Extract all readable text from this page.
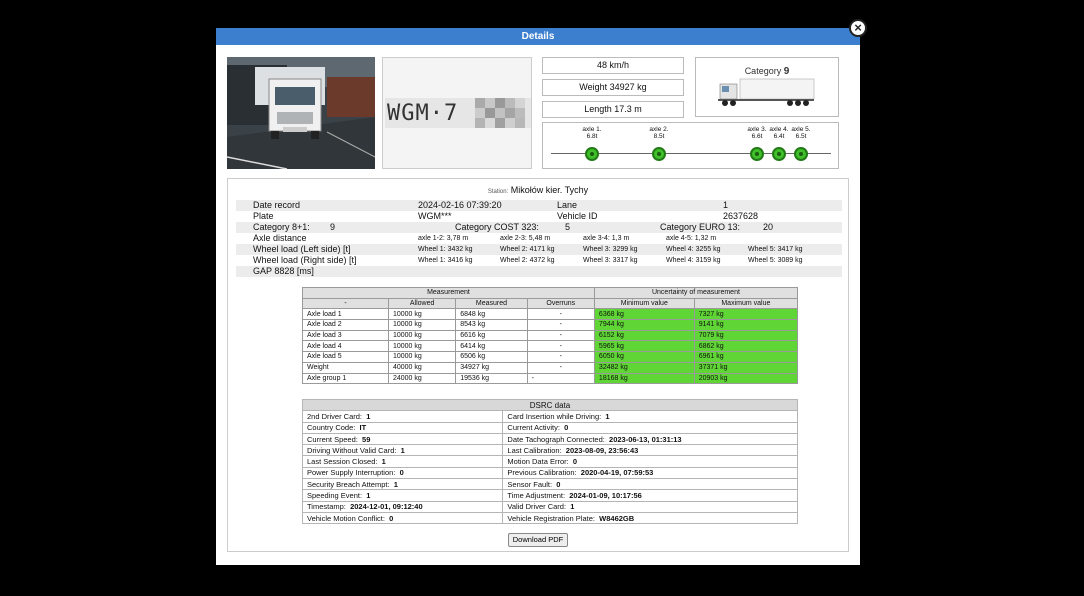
Details
×
WGM·7
48 km/h
Weight 34927 kg
Length 17.3 m
Category 9
axle 1.
6.8t
axle 2.
8.5t
axle 3.
6.6t
axle 4.
6.4t
axle 5.
6.5t
Station: Mikołów kier. Tychy
Date record	2024-02-16 07:39:20	Lane	1
Plate	WGM***	Vehicle ID	2637628
Category 8+1: 9	Category COST 323:	5	Category EURO 13:	20
Axle distance	axle 1-2: 3,78 m	axle 2-3: 5,48 m	axle 3-4: 1,3 m	axle 4-5: 1,32 m
Wheel load (Left side) [t]	Wheel 1: 3432 kg	Wheel 2: 4171 kg	Wheel 3: 3299 kg	Wheel 4: 3255 kg	Wheel 5: 3417 kg
Wheel load (Right side) [t]	Wheel 1: 3416 kg	Wheel 2: 4372 kg	Wheel 3: 3317 kg	Wheel 4: 3159 kg	Wheel 5: 3089 kg
GAP 8828 [ms]
Measurement				Uncertainty of measurement	
-	Allowed	Measured	Overruns	Minimum value	Maximum value
Axle load 1	10000 kg	6848 kg	-	6368 kg	7327 kg
Axle load 2	10000 kg	8543 kg	-	7944 kg	9141 kg
Axle load 3	10000 kg	6616 kg	-	6152 kg	7079 kg
Axle load 4	10000 kg	6414 kg	-	5965 kg	6862 kg
Axle load 5	10000 kg	6506 kg	-	6050 kg	6961 kg
Weight	40000 kg	34927 kg	-	32482 kg	37371 kg
Axle group 1	24000 kg	19536 kg	-	18168 kg	20903 kg
DSRC data	
2nd Driver Card: 1	Card Insertion while Driving: 1
Country Code: IT	Current Activity: 0
Current Speed: 59	Date Tachograph Connected: 2023-06-13, 01:31:13
Driving Without Valid Card: 1	Last Calibration: 2023-08-09, 23:56:43
Last Session Closed: 1	Motion Data Error: 0
Power Supply Interruption: 0	Previous Calibration: 2020-04-19, 07:59:53
Security Breach Attempt: 1	Sensor Fault: 0
Speeding Event: 1	Time Adjustment: 2024-01-09, 10:17:56
Timestamp: 2024-12-01, 09:12:40	Valid Driver Card: 1
Vehicle Motion Conflict: 0	Vehicle Registration Plate: W8462GB
Download PDF
